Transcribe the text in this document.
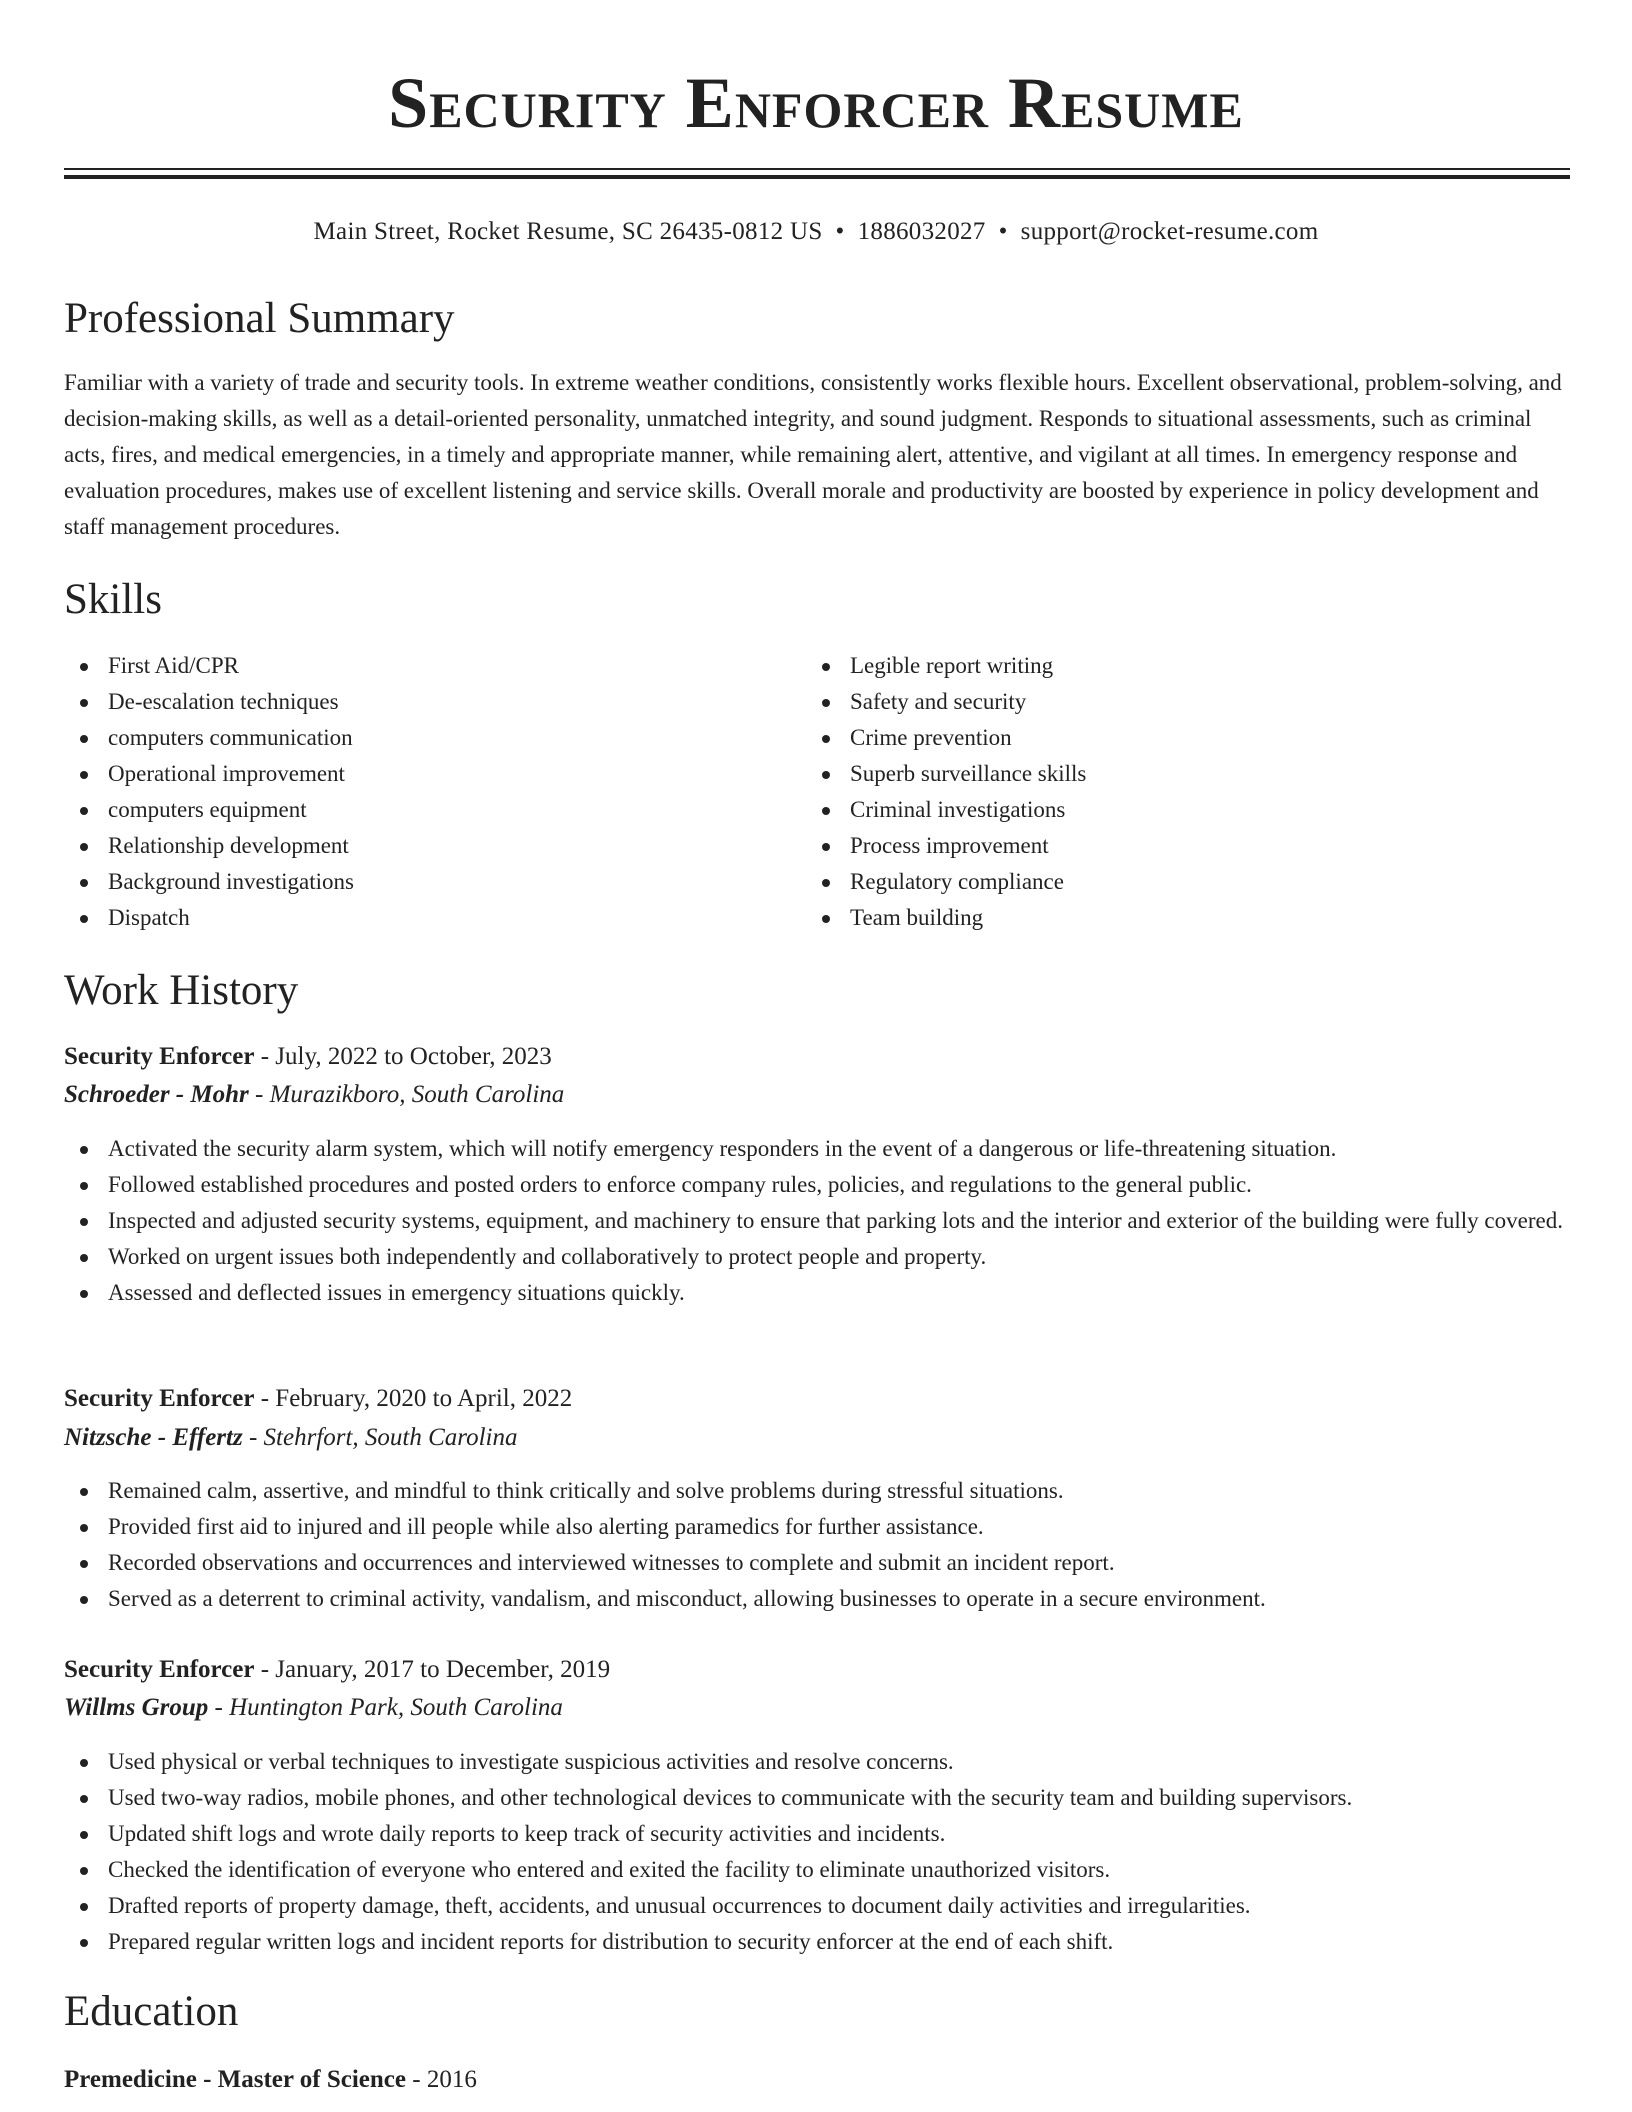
Security Enforcer Resume
Main Street, Rocket Resume, SC 26435-0812 US • 1886032027 • support@rocket-resume.com
Professional Summary

Familiar with a variety of trade and security tools. In extreme weather conditions, consistently works flexible hours. Excellent observational, problem-solving, and decision-making skills, as well as a detail-oriented personality, unmatched integrity, and sound judgment. Responds to situational assessments, such as criminal acts, fires, and medical emergencies, in a timely and appropriate manner, while remaining alert, attentive, and vigilant at all times. In emergency response and evaluation procedures, makes use of excellent listening and service skills. Overall morale and productivity are boosted by experience in policy development and staff management procedures.

Skills
First Aid/CPR
De-escalation techniques
computers communication
Operational improvement
computers equipment
Relationship development
Background investigations
Dispatch
Legible report writing
Safety and security
Crime prevention
Superb surveillance skills
Criminal investigations
Process improvement
Regulatory compliance
Team building
Work History
Security Enforcer - July, 2022 to October, 2023
Schroeder - Mohr - Murazikboro, South Carolina
Activated the security alarm system, which will notify emergency responders in the event of a dangerous or life-threatening situation.
Followed established procedures and posted orders to enforce company rules, policies, and regulations to the general public.
Inspected and adjusted security systems, equipment, and machinery to ensure that parking lots and the interior and exterior of the building were fully covered.
Worked on urgent issues both independently and collaboratively to protect people and property.
Assessed and deflected issues in emergency situations quickly.
Security Enforcer - February, 2020 to April, 2022
Nitzsche - Effertz - Stehrfort, South Carolina
Remained calm, assertive, and mindful to think critically and solve problems during stressful situations.
Provided first aid to injured and ill people while also alerting paramedics for further assistance.
Recorded observations and occurrences and interviewed witnesses to complete and submit an incident report.
Served as a deterrent to criminal activity, vandalism, and misconduct, allowing businesses to operate in a secure environment.
Security Enforcer - January, 2017 to December, 2019
Willms Group - Huntington Park, South Carolina
Used physical or verbal techniques to investigate suspicious activities and resolve concerns.
Used two-way radios, mobile phones, and other technological devices to communicate with the security team and building supervisors.
Updated shift logs and wrote daily reports to keep track of security activities and incidents.
Checked the identification of everyone who entered and exited the facility to eliminate unauthorized visitors.
Drafted reports of property damage, theft, accidents, and unusual occurrences to document daily activities and irregularities.
Prepared regular written logs and incident reports for distribution to security enforcer at the end of each shift.
Education
Premedicine - Master of Science - 2016
